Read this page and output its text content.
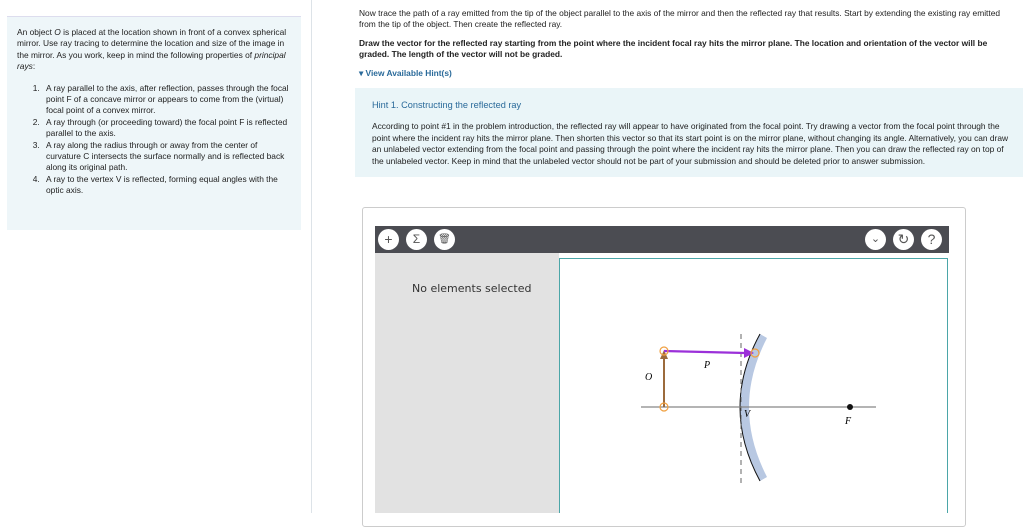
An object O is placed at the location shown in front of a convex spherical mirror. Use ray tracing to determine the location and size of the image in the mirror. As you work, keep in mind the following properties of principal rays:
1. A ray parallel to the axis, after reflection, passes through the focal point F of a concave mirror or appears to come from the (virtual) focal point of a convex mirror.
2. A ray through (or proceeding toward) the focal point F is reflected parallel to the axis.
3. A ray along the radius through or away from the center of curvature C intersects the surface normally and is reflected back along its original path.
4. A ray to the vertex V is reflected, forming equal angles with the optic axis.

Now trace the path of a ray emitted from the tip of the object parallel to the axis of the mirror and then the reflected ray that results. Start by extending the existing ray emitted from the tip of the object. Then create the reflected ray.

Draw the vector for the reflected ray starting from the point where the incident focal ray hits the mirror plane. The location and orientation of the vector will be graded. The length of the vector will not be graded.

▾ View Available Hint(s)
Hint 1. Constructing the reflected ray
According to point #1 in the problem introduction, the reflected ray will appear to have originated from the focal point. Try drawing a vector from the focal point through the point where the incident ray hits the mirror plane. Then shorten this vector so that its start point is on the mirror plane, without changing its angle. Alternatively, you can draw an unlabeled vector extending from the focal point and passing through the point where the incident ray hits the mirror plane. Then you can draw the reflected ray on top of the unlabeled vector. Keep in mind that the unlabeled vector should not be part of your submission and should be deleted prior to answer submission.
+	Σ	🗑	⌄	↻	?
No elements selected
O
P
V
F
